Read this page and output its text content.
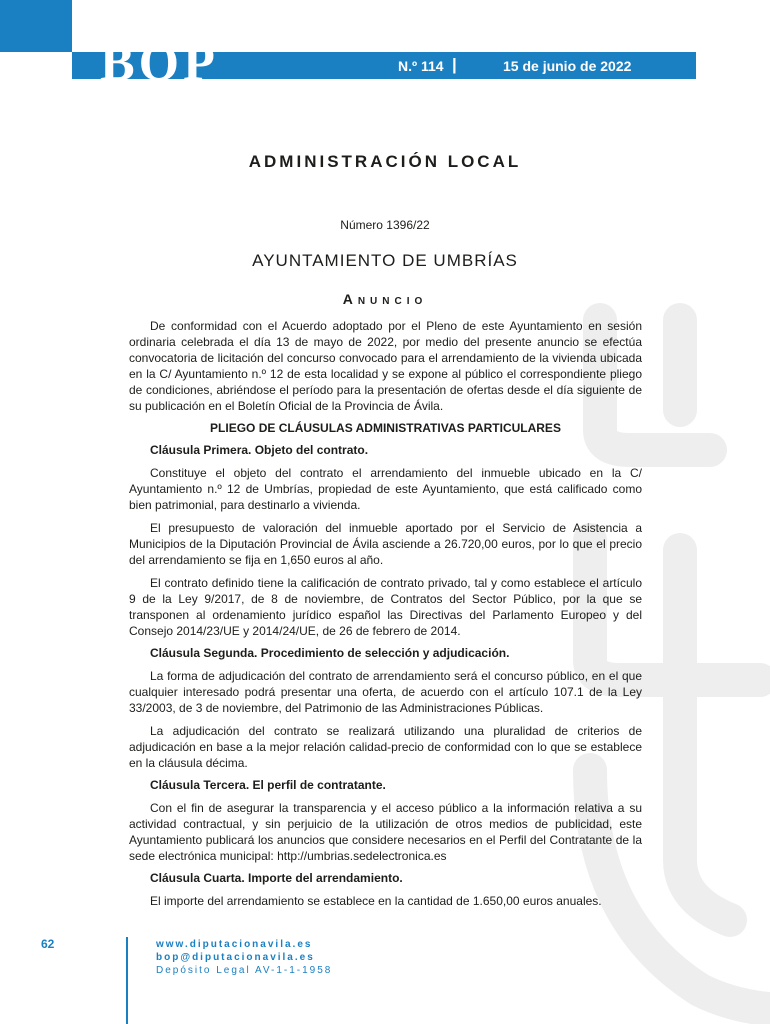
BOP	N.º 114 |	15 de junio de 2022
ADMINISTRACIÓN LOCAL
Número 1396/22
AYUNTAMIENTO DE UMBRÍAS
Anuncio

De conformidad con el Acuerdo adoptado por el Pleno de este Ayuntamiento en sesión ordinaria celebrada el día 13 de mayo de 2022, por medio del presente anuncio se efectúa convocatoria de licitación del concurso convocado para el arrendamiento de la vivienda ubicada en la C/ Ayuntamiento n.º 12 de esta localidad y se expone al público el correspondiente pliego de condiciones, abriéndose el período para la presentación de ofertas desde el día siguiente de su publicación en el Boletín Oficial de la Provincia de Ávila.

PLIEGO DE CLÁUSULAS ADMINISTRATIVAS PARTICULARES

Cláusula Primera. Objeto del contrato.

Constituye el objeto del contrato el arrendamiento del inmueble ubicado en la C/ Ayuntamiento n.º 12 de Umbrías, propiedad de este Ayuntamiento, que está calificado como bien patrimonial, para destinarlo a vivienda.

El presupuesto de valoración del inmueble aportado por el Servicio de Asistencia a Municipios de la Diputación Provincial de Ávila asciende a 26.720,00 euros, por lo que el precio del arrendamiento se fija en 1,650 euros al año.

El contrato definido tiene la calificación de contrato privado, tal y como establece el artículo 9 de la Ley 9/2017, de 8 de noviembre, de Contratos del Sector Público, por la que se transponen al ordenamiento jurídico español las Directivas del Parlamento Europeo y del Consejo 2014/23/UE y 2014/24/UE, de 26 de febrero de 2014.

Cláusula Segunda. Procedimiento de selección y adjudicación.

La forma de adjudicación del contrato de arrendamiento será el concurso público, en el que cualquier interesado podrá presentar una oferta, de acuerdo con el artículo 107.1 de la Ley 33/2003, de 3 de noviembre, del Patrimonio de las Administraciones Públicas.

La adjudicación del contrato se realizará utilizando una pluralidad de criterios de adjudicación en base a la mejor relación calidad-precio de conformidad con lo que se establece en la cláusula décima.

Cláusula Tercera. El perfil de contratante.

Con el fin de asegurar la transparencia y el acceso público a la información relativa a su actividad contractual, y sin perjuicio de la utilización de otros medios de publicidad, este Ayuntamiento publicará los anuncios que considere necesarios en el Perfil del Contratante de la sede electrónica municipal: http://umbrias.sedelectronica.es

Cláusula Cuarta. Importe del arrendamiento.

El importe del arrendamiento se establece en la cantidad de 1.650,00 euros anuales.

62	www.diputacionavila.es
bop@diputacionavila.es
Depósito Legal AV-1-1-1958
